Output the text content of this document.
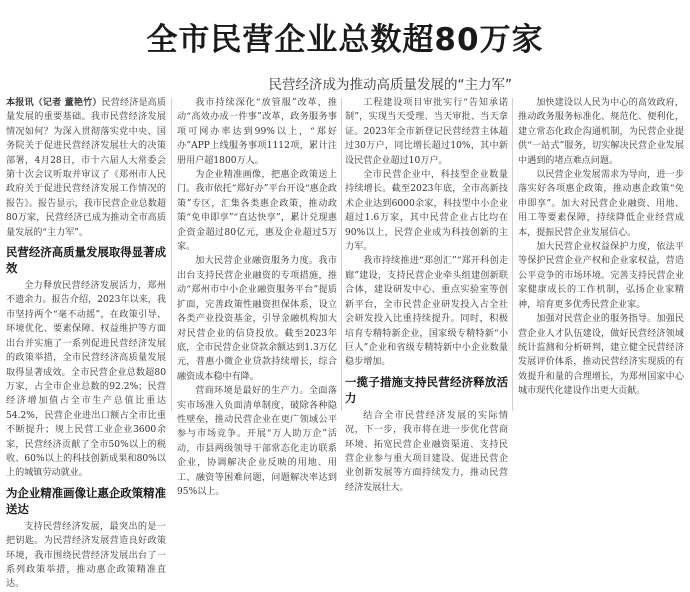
全市民营企业总数超80万家
民营经济成为推动高质量发展的“主力军”

本报讯（记者 董艳竹）民营经济是高质量发展的重要基础。我市民营经济发展情况如何？为深入贯彻落实党中央、国务院关于促进民营经济发展壮大的决策部署，4月28日，市十六届人大常委会第十次会议听取并审议了《郑州市人民政府关于促进民营经济发展工作情况的报告》。报告显示，我市民营企业总数超80万家，民营经济已成为推动全市高质量发展的“主力军”。

民营经济高质量发展取得显著成效

全力释放民营经济发展活力，郑州不遗余力。报告介绍，2023年以来，我市坚持两个“毫不动摇”，在政策引导、环境优化、要素保障、权益维护等方面出台并实施了一系列促进民营经济发展的政策举措，全市民营经济高质量发展取得显著成效。全市民营企业总数超80万家，占全市企业总数的92.2%；民营经济增加值占全市生产总值比重达54.2%，民营企业进出口额占全市比重不断提升；规上民营工业企业3600余家，民营经济贡献了全市50%以上的税收、60%以上的科技创新成果和80%以上的城镇劳动就业。

为企业精准画像让惠企政策精准送达

支持民营经济发展，最突出的是一把钥匙。为民营经济发展营造良好政策环境，我市围绕民营经济发展出台了一系列政策举措，推动惠企政策精准直达。

我市持续深化“放管服”改革，推动“高效办成一件事”改革，政务服务事项可网办率达到99%以上，“郑好办”APP上线服务事项1112项，累计注册用户超1800万人。

为企业精准画像，把惠企政策送上门。我市依托“郑好办”平台开设“惠企政策”专区，汇集各类惠企政策，推动政策“免申即享”“直达快享”，累计兑现惠企资金超过80亿元，惠及企业超过5万家。

加大民营企业融资服务力度。我市出台支持民营企业融资的专项措施，推动“郑州市中小企业融资服务平台”提质扩面，完善政策性融资担保体系，设立各类产业投资基金，引导金融机构加大对民营企业的信贷投放。截至2023年底，全市民营企业贷款余额达到1.3万亿元，普惠小微企业贷款持续增长，综合融资成本稳中有降。

营商环境是最好的生产力。全面落实市场准入负面清单制度，破除各种隐性壁垒，推动民营企业在更广领域公平参与市场竞争。开展“万人助万企”活动，市县两级领导干部常态化走访联系企业，协调解决企业反映的用地、用工、融资等困难问题，问题解决率达到95%以上。

工程建设项目审批实行“告知承诺制”，实现当天受理、当天审批、当天拿证。2023年全市新登记民营经营主体超过30万户，同比增长超过10%，其中新设民营企业超过10万户。

全市民营企业中，科技型企业数量持续增长。截至2023年底，全市高新技术企业达到6000余家，科技型中小企业超过1.6万家，其中民营企业占比均在90%以上，民营企业成为科技创新的主力军。

我市持续推进“郑创汇”“郑开科创走廊”建设，支持民营企业牵头组建创新联合体，建设研发中心、重点实验室等创新平台，全市民营企业研发投入占全社会研发投入比重持续提升。同时，积极培育专精特新企业，国家级专精特新“小巨人”企业和省级专精特新中小企业数量稳步增加。

一揽子措施支持民营经济释放活力

结合全市民营经济发展的实际情况，下一步，我市将在进一步优化营商环境、拓宽民营企业融资渠道、支持民营企业参与重大项目建设、促进民营企业创新发展等方面持续发力，推动民营经济发展壮大。

加快建设以人民为中心的高效政府，推动政务服务标准化、规范化、便利化，建立常态化政企沟通机制，为民营企业提供“一站式”服务，切实解决民营企业发展中遇到的堵点难点问题。

以民营企业发展需求为导向，进一步落实好各项惠企政策，推动惠企政策“免申即享”。加大对民营企业融资、用地、用工等要素保障，持续降低企业经营成本，提振民营企业发展信心。

加大民营企业权益保护力度，依法平等保护民营企业产权和企业家权益，营造公平竞争的市场环境。完善支持民营企业家健康成长的工作机制，弘扬企业家精神，培育更多优秀民营企业家。

加强对民营企业的服务指导。加强民营企业人才队伍建设，做好民营经济领域统计监测和分析研判，建立健全民营经济发展评价体系，推动民营经济实现质的有效提升和量的合理增长，为郑州国家中心城市现代化建设作出更大贡献。
